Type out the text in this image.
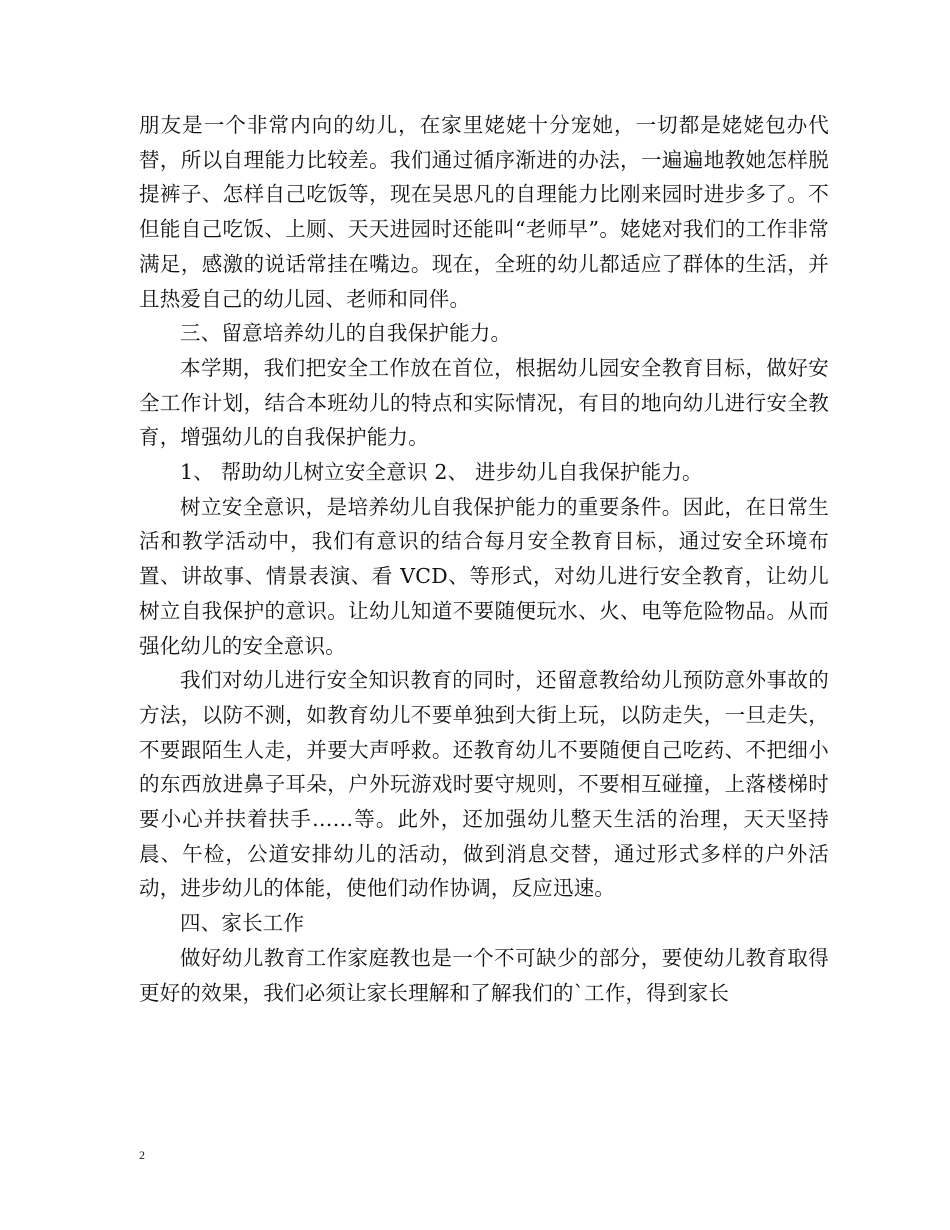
朋友是一个非常内向的幼儿，在家里姥姥十分宠她，一切都是姥姥包办代替，所以自理能力比较差。我们通过循序渐进的办法，一遍遍地教她怎样脱提裤子、怎样自己吃饭等，现在吴思凡的自理能力比刚来园时进步多了。不但能自己吃饭、上厕、天天进园时还能叫“老师早”。姥姥对我们的工作非常满足，感激的说话常挂在嘴边。现在，全班的幼儿都适应了群体的生活，并且热爱自己的幼儿园、老师和同伴。

三、留意培养幼儿的自我保护能力。

本学期，我们把安全工作放在首位，根据幼儿园安全教育目标，做好安全工作计划，结合本班幼儿的特点和实际情况，有目的地向幼儿进行安全教育，增强幼儿的自我保护能力。

1、 帮助幼儿树立安全意识 2、 进步幼儿自我保护能力。

树立安全意识，是培养幼儿自我保护能力的重要条件。因此，在日常生活和教学活动中，我们有意识的结合每月安全教育目标，通过安全环境布置、讲故事、情景表演、看 VCD、等形式，对幼儿进行安全教育，让幼儿树立自我保护的意识。让幼儿知道不要随便玩水、火、电等危险物品。从而强化幼儿的安全意识。

我们对幼儿进行安全知识教育的同时，还留意教给幼儿预防意外事故的方法，以防不测，如教育幼儿不要单独到大街上玩，以防走失，一旦走失，不要跟陌生人走，并要大声呼救。还教育幼儿不要随便自己吃药、不把细小的东西放进鼻子耳朵，户外玩游戏时要守规则，不要相互碰撞，上落楼梯时要小心并扶着扶手……等。此外，还加强幼儿整天生活的治理，天天坚持晨、午检，公道安排幼儿的活动，做到消息交替，通过形式多样的户外活动，进步幼儿的体能，使他们动作协调，反应迅速。

四、家长工作

做好幼儿教育工作家庭教也是一个不可缺少的部分，要使幼儿教育取得更好的效果，我们必须让家长理解和了解我们的`工作，得到家长

2
